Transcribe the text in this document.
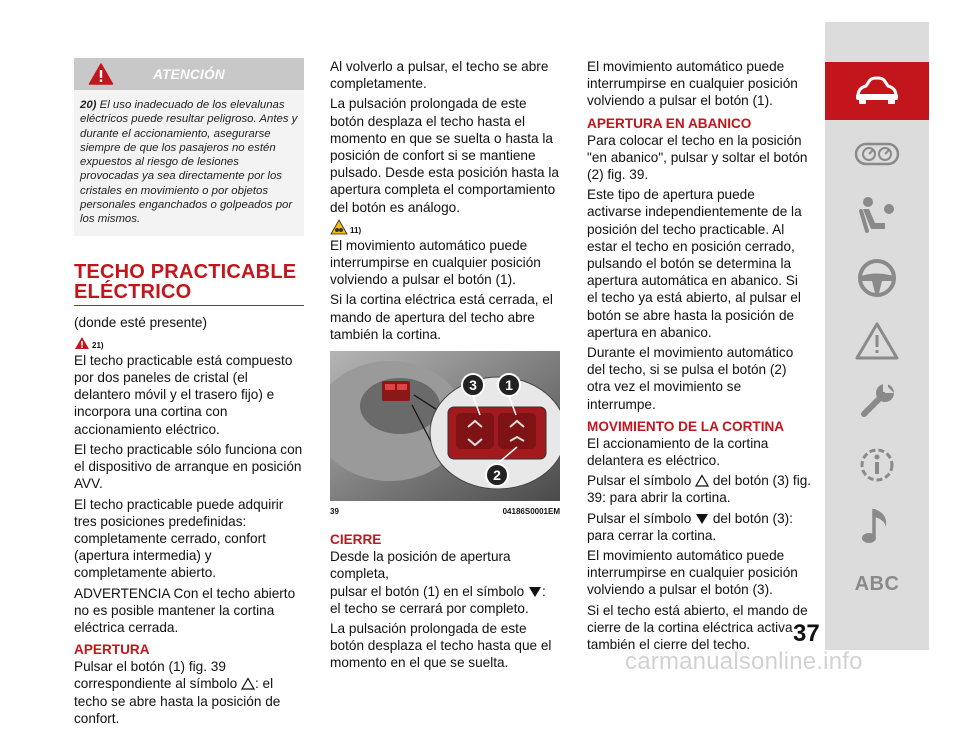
ATENCIÓN
20) El uso inadecuado de los elevalunas eléctricos puede resultar peligroso. Antes y durante el accionamiento, asegurarse siempre de que los pasajeros no estén expuestos al riesgo de lesiones provocadas ya sea directamente por los cristales en movimiento o por objetos personales enganchados o golpeados por los mismos.
TECHO PRACTICABLE
ELÉCTRICO

(donde esté presente)

21)

El techo practicable está compuesto por dos paneles de cristal (el delantero móvil y el trasero fijo) e incorpora una cortina con accionamiento eléctrico.

El techo practicable sólo funciona con el dispositivo de arranque en posición AVV.

El techo practicable puede adquirir tres posiciones predefinidas: completamente cerrado, confort (apertura intermedia) y completamente abierto.

ADVERTENCIA Con el techo abierto no es posible mantener la cortina eléctrica cerrada.

APERTURA

Pulsar el botón (1) fig. 39

correspondiente al símbolo : el techo se abre hasta la posición de confort.

Al volverlo a pulsar, el techo se abre completamente.

La pulsación prolongada de este botón desplaza el techo hasta el momento en que se suelta o hasta la posición de confort si se mantiene pulsado. Desde esta posición hasta la apertura completa el comportamiento del botón es análogo.

11)

El movimiento automático puede interrumpirse en cualquier posición volviendo a pulsar el botón (1).

Si la cortina eléctrica está cerrada, el mando de apertura del techo abre también la cortina.

3 1
2
39	04186S0001EM
CIERRE

Desde la posición de apertura completa,

pulsar el botón (1) en el símbolo : el techo se cerrará por completo.

La pulsación prolongada de este botón desplaza el techo hasta que el momento en el que se suelta.

El movimiento automático puede interrumpirse en cualquier posición volviendo a pulsar el botón (1).

APERTURA EN ABANICO

Para colocar el techo en la posición "en abanico", pulsar y soltar el botón (2) fig. 39.

Este tipo de apertura puede activarse independientemente de la posición del techo practicable. Al estar el techo en posición cerrado, pulsando el botón se determina la apertura automática en abanico. Si el techo ya está abierto, al pulsar el botón se abre hasta la posición de apertura en abanico.

Durante el movimiento automático del techo, si se pulsa el botón (2) otra vez el movimiento se interrumpe.

MOVIMIENTO DE LA CORTINA

El accionamiento de la cortina delantera es eléctrico.

Pulsar el símbolo del botón (3) fig. 39: para abrir la cortina.

Pulsar el símbolo del botón (3): para cerrar la cortina.

El movimiento automático puede interrumpirse en cualquier posición volviendo a pulsar el botón (3).

Si el techo está abierto, el mando de cierre de la cortina eléctrica activa también el cierre del techo.

ABC
37
carmanualsonline.info
